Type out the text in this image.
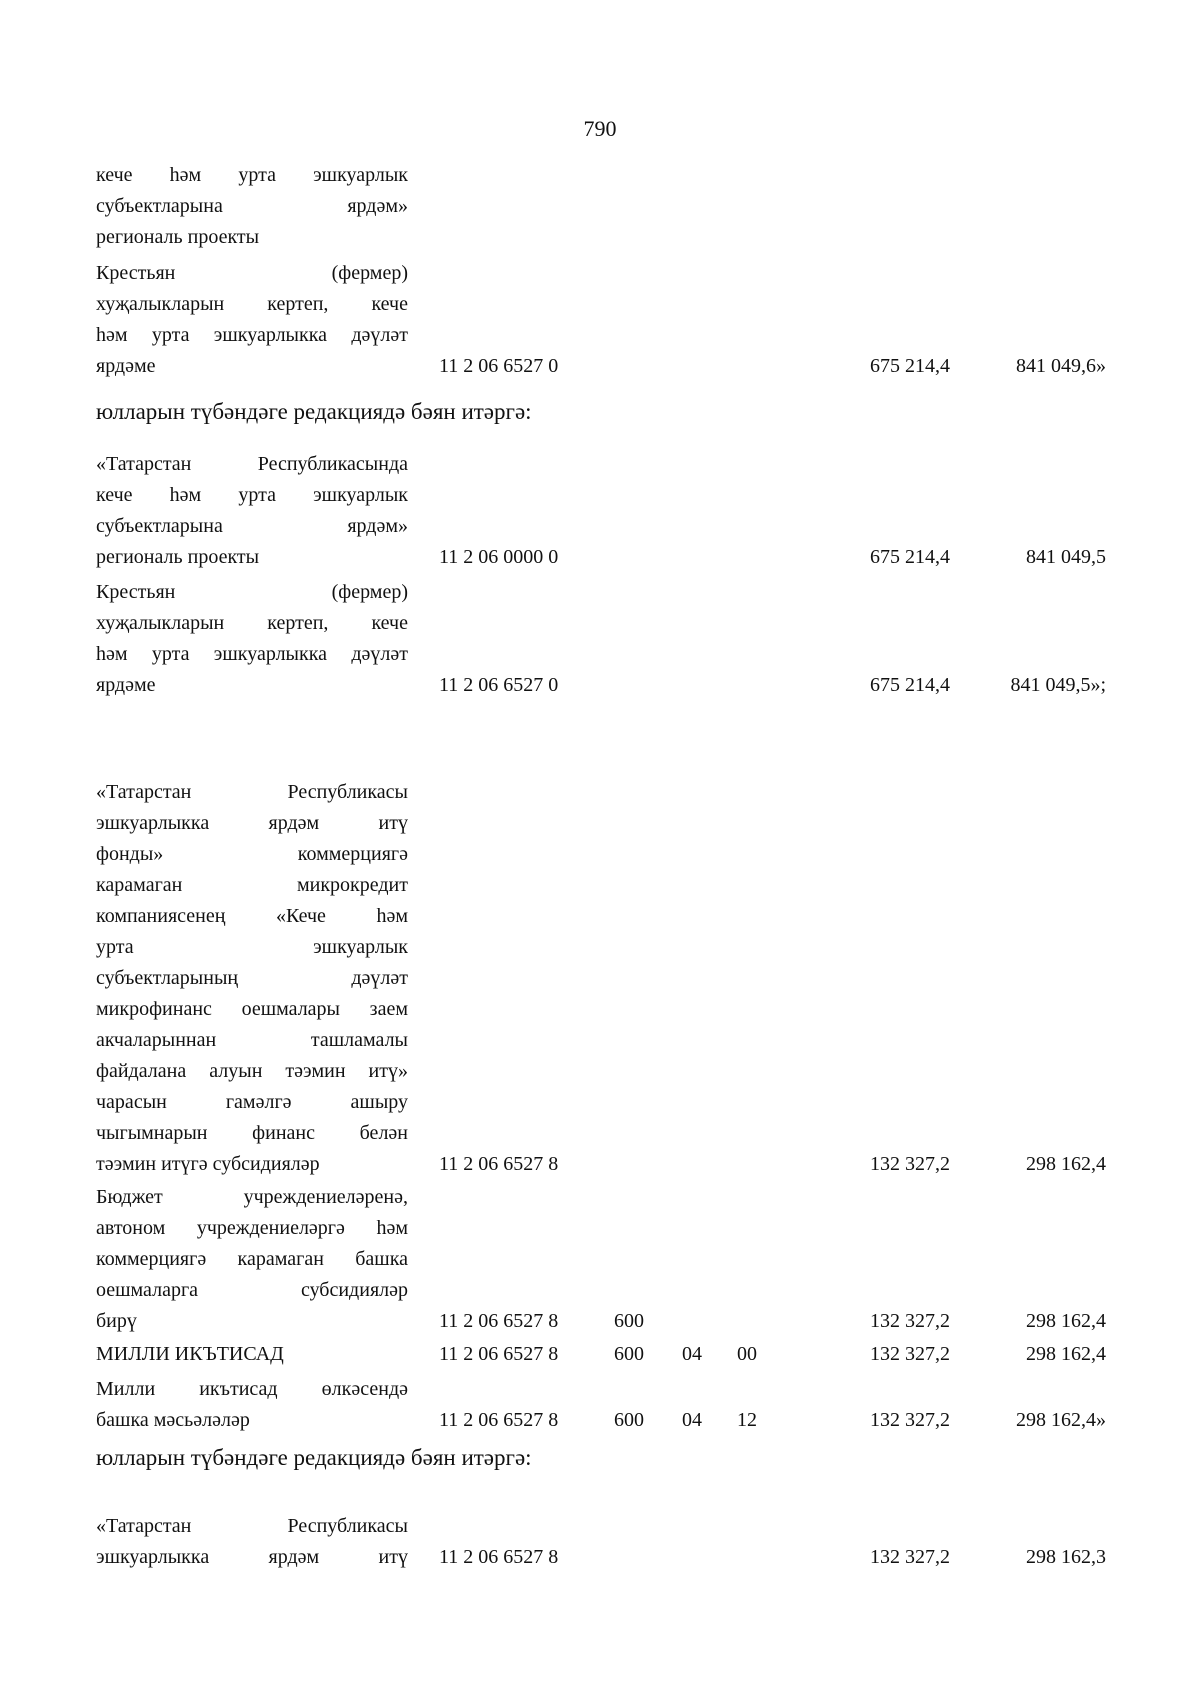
790
кече һәм урта эшкуарлык
субъектларына ярдәм»
региональ проекты
Крестьян (фермер)
хуҗалыкларын кертеп, кече
һәм урта эшкуарлыкка дәүләт
ярдәме	11 2 06 6527 0	675 214,4	841 049,6»
юлларын түбәндәге редакциядә бәян итәргә:
«Татарстан Республикасында
кече һәм урта эшкуарлык
субъектларына ярдәм»
региональ проекты	11 2 06 0000 0	675 214,4	841 049,5
Крестьян (фермер)
хуҗалыкларын кертеп, кече
һәм урта эшкуарлыкка дәүләт
ярдәме	11 2 06 6527 0	675 214,4	841 049,5»;
«Татарстан Республикасы
эшкуарлыкка ярдәм итү
фонды» коммерциягә
карамаган микрокредит
компаниясенең «Кече һәм
урта эшкуарлык
субъектларының дәүләт
микрофинанс оешмалары заем
акчаларыннан ташламалы
файдалана алуын тәэмин итү»
чарасын гамәлгә ашыру
чыгымнарын финанс белән
тәэмин итүгә субсидияләр	11 2 06 6527 8	132 327,2	298 162,4
Бюджет учреждениеләренә,
автоном учреждениеләргә һәм
коммерциягә карамаган башка
оешмаларга субсидияләр
бирү	11 2 06 6527 8	600	132 327,2	298 162,4
МИЛЛИ ИКЪТИСАД	11 2 06 6527 8	600 04 00	132 327,2	298 162,4
Милли икътисад өлкәсендә
башка мәсьәләләр	11 2 06 6527 8	600 04 12	132 327,2	298 162,4»
юлларын түбәндәге редакциядә бәян итәргә:
«Татарстан Республикасы
эшкуарлыкка ярдәм итү 11 2 06 6527 8	132 327,2	298 162,3
